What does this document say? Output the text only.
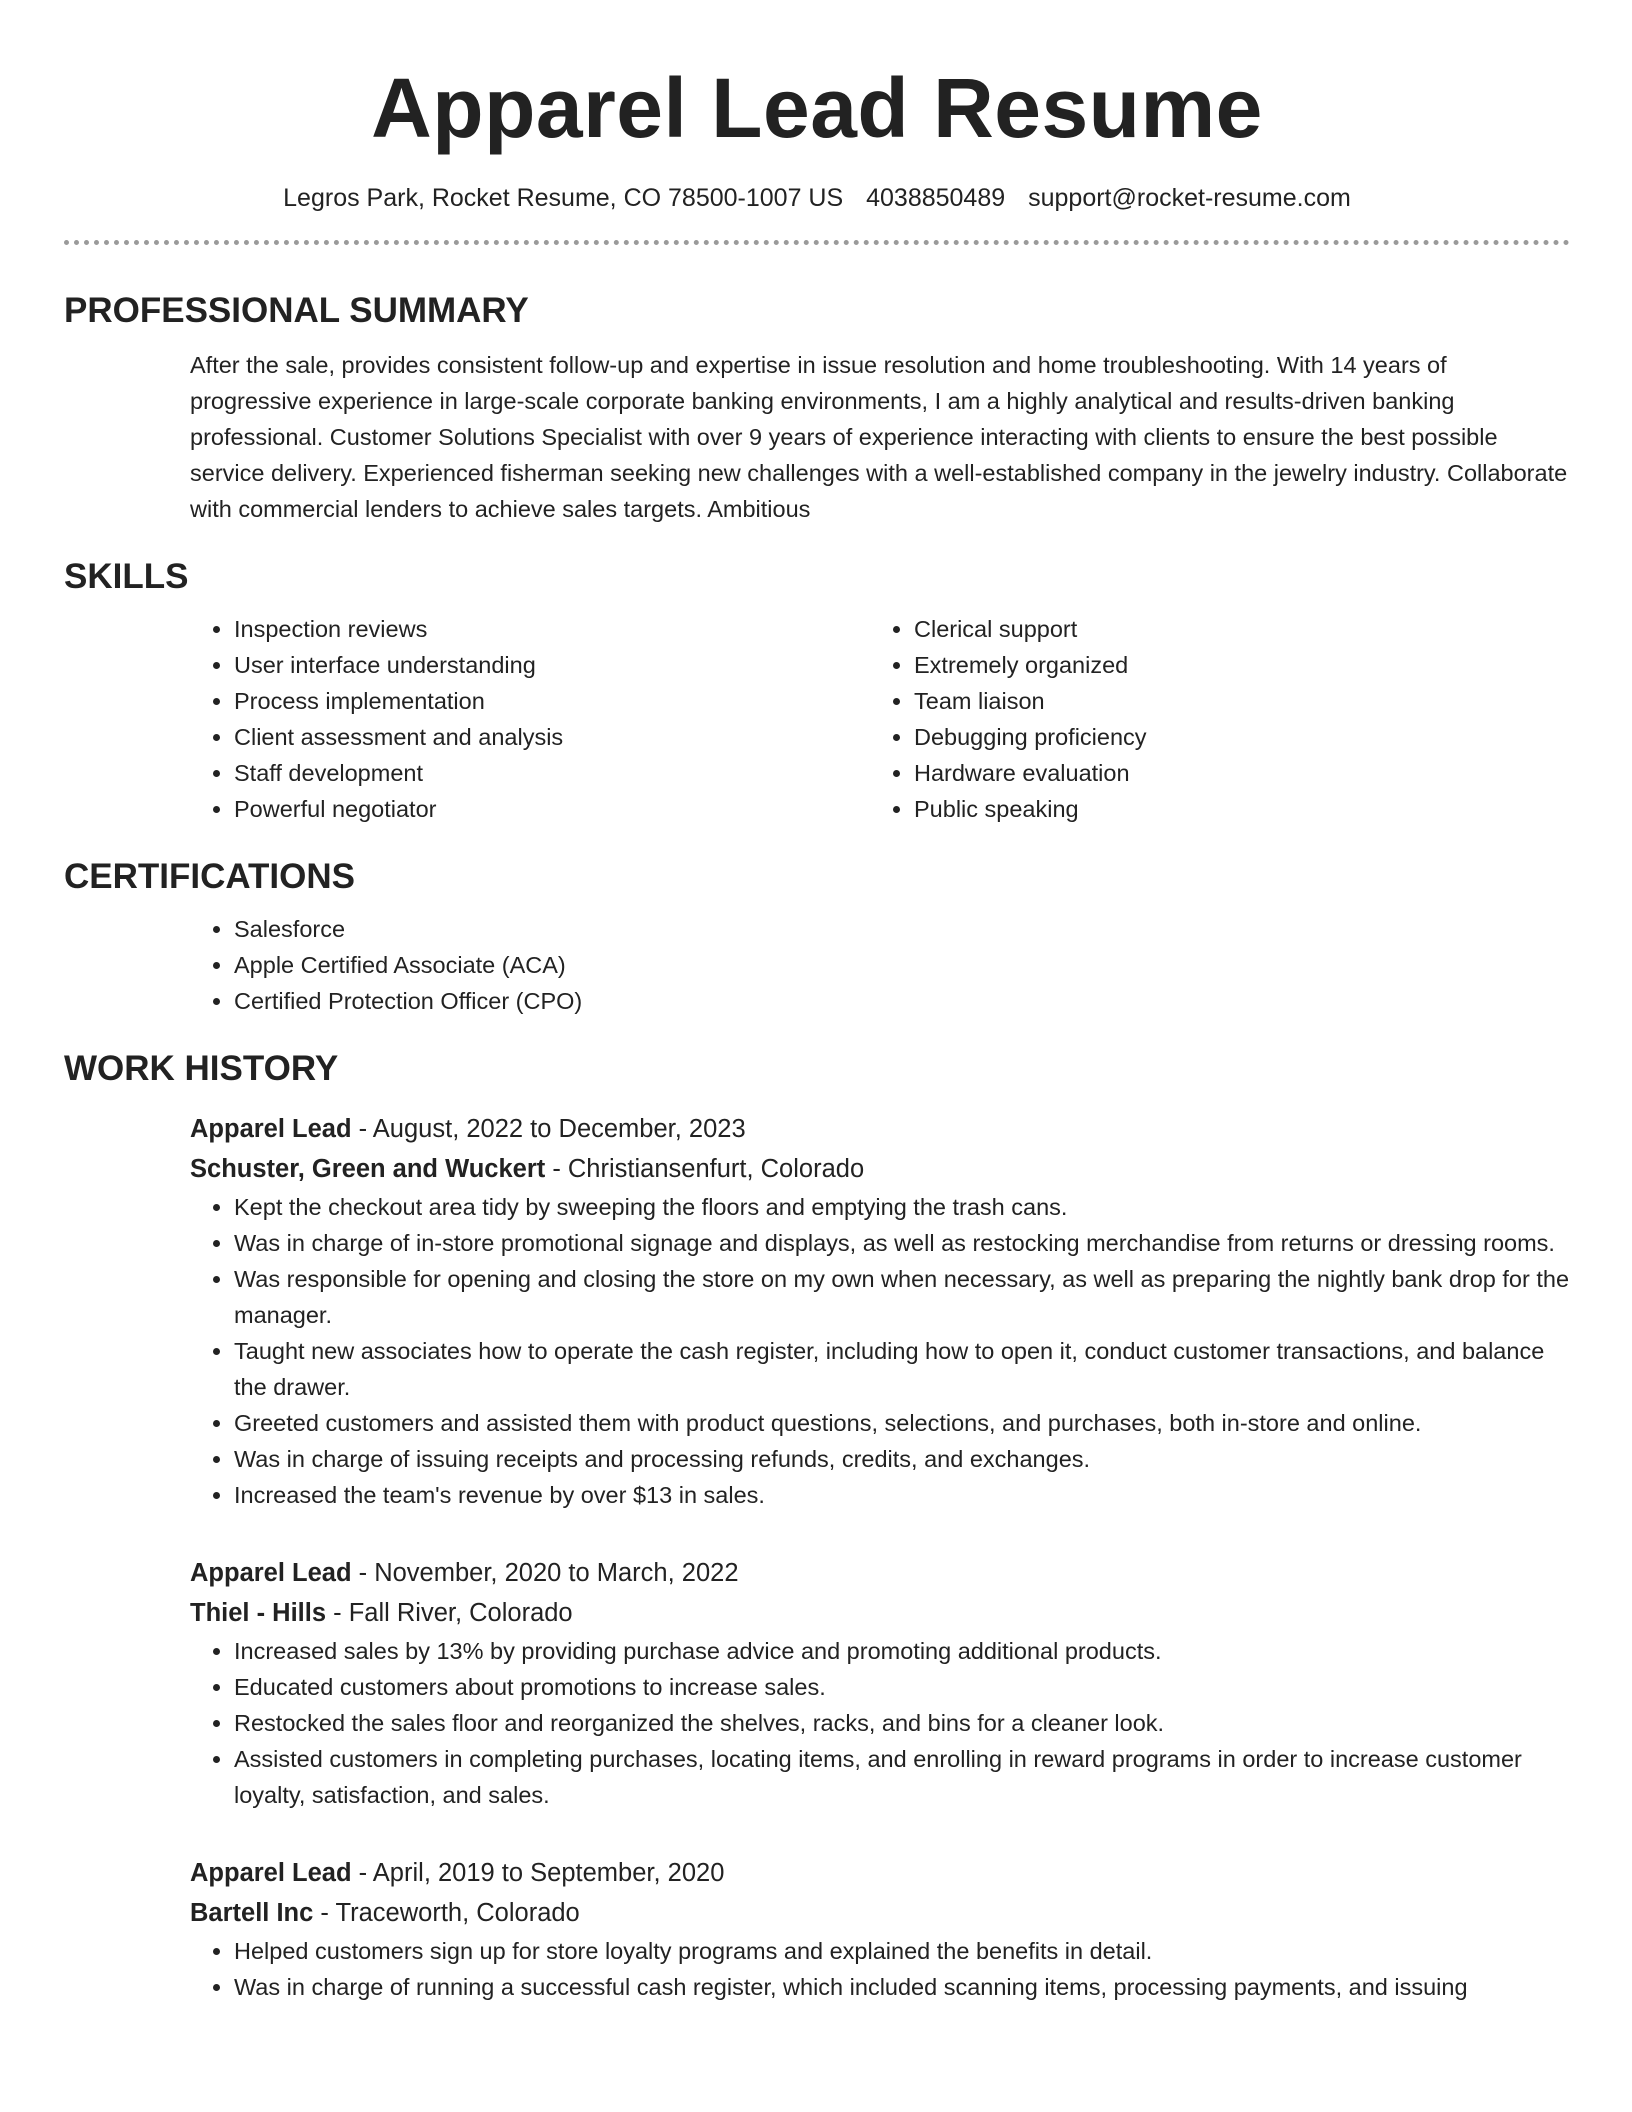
Apparel Lead Resume
Legros Park, Rocket Resume, CO 78500-1007 US 4038850489 support@rocket-resume.com
PROFESSIONAL SUMMARY
After the sale, provides consistent follow-up and expertise in issue resolution and home troubleshooting. With 14 years of progressive experience in large-scale corporate banking environments, I am a highly analytical and results-driven banking professional. Customer Solutions Specialist with over 9 years of experience interacting with clients to ensure the best possible service delivery. Experienced fisherman seeking new challenges with a well-established company in the jewelry industry. Collaborate with commercial lenders to achieve sales targets. Ambitious
SKILLS
• Inspection reviews
• User interface understanding
• Process implementation
• Client assessment and analysis
• Staff development
• Powerful negotiator
• Clerical support
• Extremely organized
• Team liaison
• Debugging proficiency
• Hardware evaluation
• Public speaking
CERTIFICATIONS
• Salesforce
• Apple Certified Associate (ACA)
• Certified Protection Officer (CPO)
WORK HISTORY
Apparel Lead - August, 2022 to December, 2023
Schuster, Green and Wuckert - Christiansenfurt, Colorado
• Kept the checkout area tidy by sweeping the floors and emptying the trash cans.
• Was in charge of in-store promotional signage and displays, as well as restocking merchandise from returns or dressing rooms.
• Was responsible for opening and closing the store on my own when necessary, as well as preparing the nightly bank drop for the manager.
• Taught new associates how to operate the cash register, including how to open it, conduct customer transactions, and balance the drawer.
• Greeted customers and assisted them with product questions, selections, and purchases, both in-store and online.
• Was in charge of issuing receipts and processing refunds, credits, and exchanges.
• Increased the team's revenue by over $13 in sales.
Apparel Lead - November, 2020 to March, 2022
Thiel - Hills - Fall River, Colorado
• Increased sales by 13% by providing purchase advice and promoting additional products.
• Educated customers about promotions to increase sales.
• Restocked the sales floor and reorganized the shelves, racks, and bins for a cleaner look.
• Assisted customers in completing purchases, locating items, and enrolling in reward programs in order to increase customer loyalty, satisfaction, and sales.
Apparel Lead - April, 2019 to September, 2020
Bartell Inc - Traceworth, Colorado
• Helped customers sign up for store loyalty programs and explained the benefits in detail.
• Was in charge of running a successful cash register, which included scanning items, processing payments, and issuing
